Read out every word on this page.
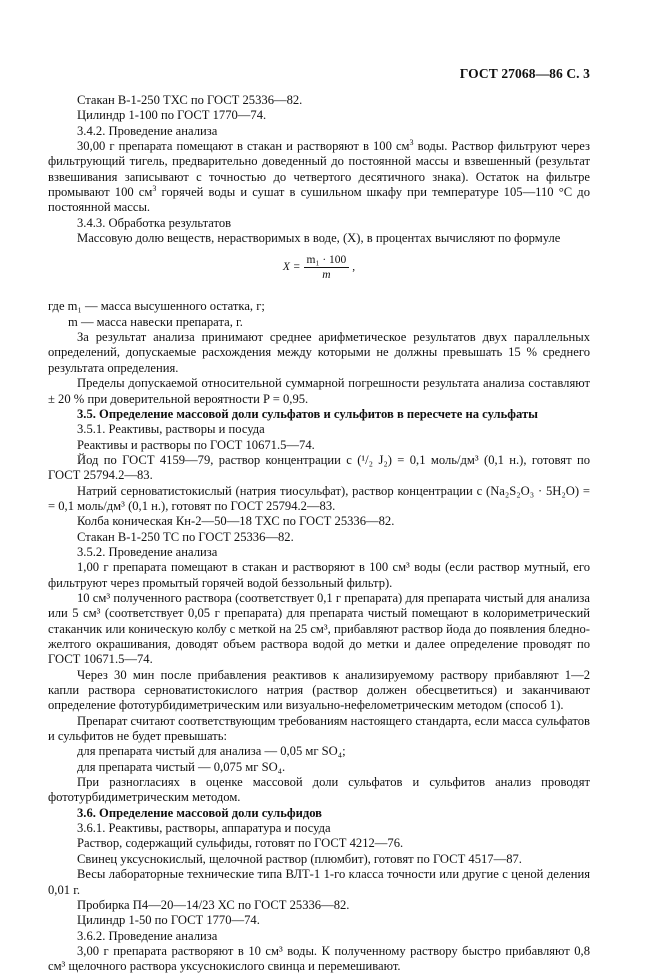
ГОСТ 27068—86 С. 3

Стакан В-1-250 ТХС по ГОСТ 25336—82.

Цилиндр 1-100 по ГОСТ 1770—74.

3.4.2. Проведение анализа

30,00 г препарата помещают в стакан и растворяют в 100 $см^3$ воды. Раствор фильтруют через фильтрующий тигель, предварительно доведенный до постоянной массы и взвешенный (результат взвешивания записывают с точностью до четвертого десятичного знака). Остаток на фильтре промывают 100 $см^3$ горячей воды и сушат в сушильном шкафу при температуре 105—110 °С до постоянной массы.

3.4.3. Обработка результатов

Массовую долю веществ, нерастворимых в воде, (X), в процентах вычисляют по формуле

$X = \frac{\text{m₁ · 100}}{m}$ ,

где m₁ — масса высушенного остатка, г;

m — масса навески препарата, г.

За результат анализа принимают среднее арифметическое результатов двух параллельных определений, допускаемые расхождения между которыми не должны превышать 15 % среднего результата определения.

Пределы допускаемой относительной суммарной погрешности результата анализа составляют ± 20 % при доверительной вероятности P = 0,95.

3.5. Определение массовой доли сульфатов и сульфитов в пересчете на сульфаты

3.5.1. Реактивы, растворы и посуда

Реактивы и растворы по ГОСТ 10671.5—74.

Йод по ГОСТ 4159—79, раствор концентрации c (¹/₂ J₂) = 0,1 моль/дм³ (0,1 н.), готовят по ГОСТ 25794.2—83.

Натрий серноватистокислый (натрия тиосульфат), раствор концентрации c (Na₂S₂O₃ · 5H₂O) = = 0,1 моль/дм³ (0,1 н.), готовят по ГОСТ 25794.2—83.

Колба коническая Кн-2—50—18 ТХС по ГОСТ 25336—82.

Стакан В-1-250 ТС по ГОСТ 25336—82.

3.5.2. Проведение анализа

1,00 г препарата помещают в стакан и растворяют в 100 см³ воды (если раствор мутный, его фильтруют через промытый горячей водой беззольный фильтр).

10 см³ полученного раствора (соответствует 0,1 г препарата) для препарата чистый для анализа или 5 см³ (соответствует 0,05 г препарата) для препарата чистый помещают в колориметрический стаканчик или коническую колбу с меткой на 25 см³, прибавляют раствор йода до появления бледно-желтого окрашивания, доводят объем раствора водой до метки и далее определение проводят по ГОСТ 10671.5—74.

Через 30 мин после прибавления реактивов к анализируемому раствору прибавляют 1—2 капли раствора серноватистокислого натрия (раствор должен обесцветиться) и заканчивают определение фототурбидиметрическим или визуально-нефелометрическим методом (способ 1).

Препарат считают соответствующим требованиям настоящего стандарта, если масса сульфатов и сульфитов не будет превышать:

для препарата чистый для анализа — 0,05 мг SO₄;

для препарата чистый — 0,075 мг SO₄.

При разногласиях в оценке массовой доли сульфатов и сульфитов анализ проводят фототурбидиметрическим методом.

3.6. Определение массовой доли сульфидов

3.6.1. Реактивы, растворы, аппаратура и посуда

Раствор, содержащий сульфиды, готовят по ГОСТ 4212—76.

Свинец уксуснокислый, щелочной раствор (плюмбит), готовят по ГОСТ 4517—87.

Весы лабораторные технические типа ВЛТ-1 1-го класса точности или другие с ценой деления 0,01 г.

Пробирка П4—20—14/23 ХС по ГОСТ 25336—82.

Цилиндр 1-50 по ГОСТ 1770—74.

3.6.2. Проведение анализа

3,00 г препарата растворяют в 10 см³ воды. К полученному раствору быстро прибавляют 0,8 см³ щелочного раствора уксуснокислого свинца и перемешивают.
